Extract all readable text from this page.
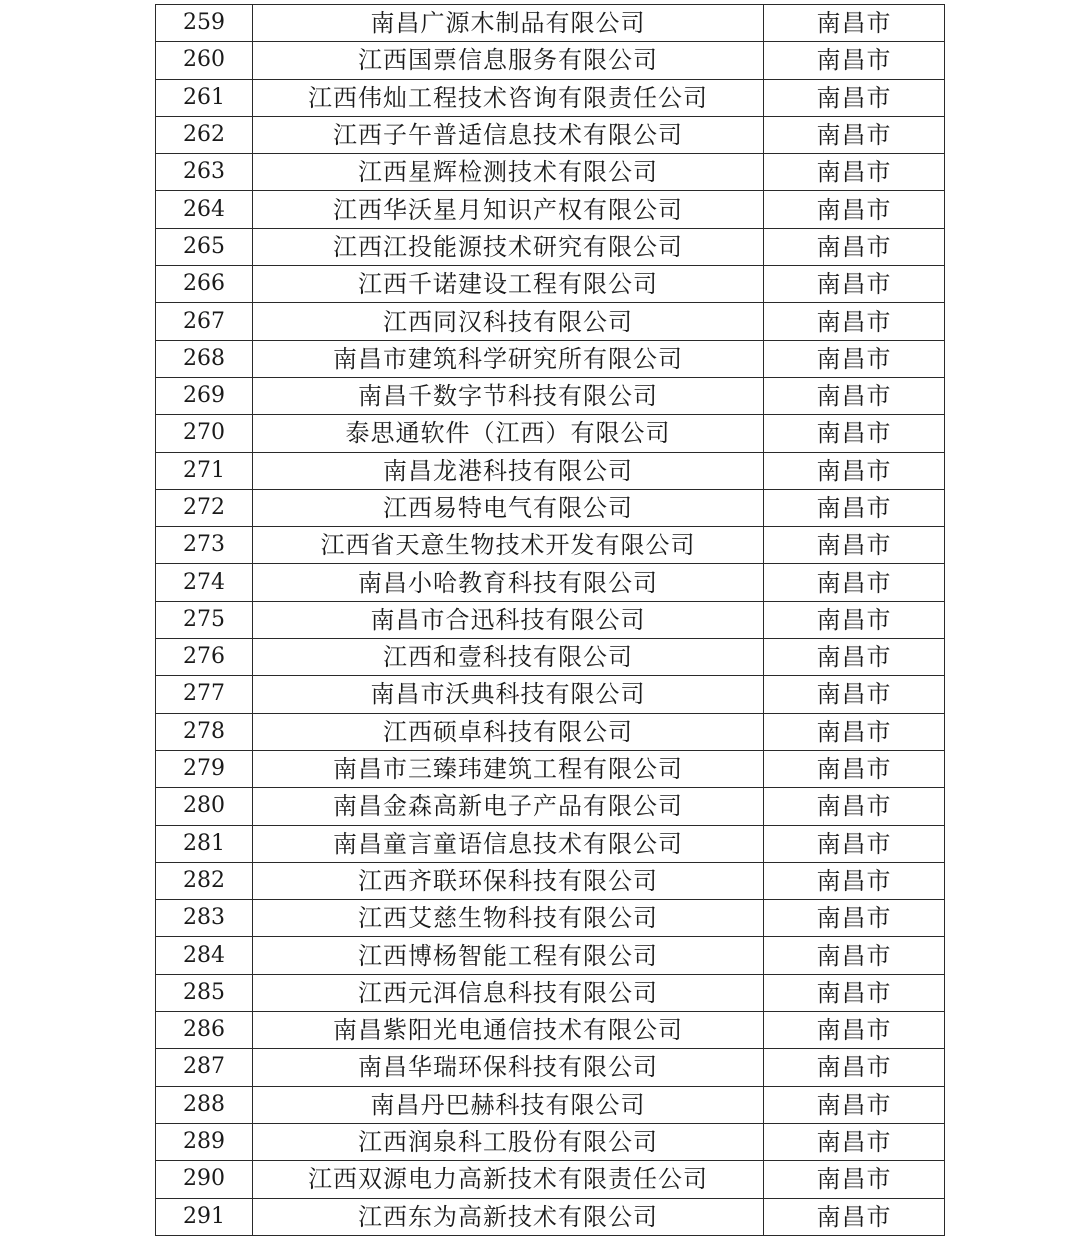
259	南昌广源木制品有限公司	南昌市
260	江西国票信息服务有限公司	南昌市
261	江西伟灿工程技术咨询有限责任公司	南昌市
262	江西子午普适信息技术有限公司	南昌市
263	江西星辉检测技术有限公司	南昌市
264	江西华沃星月知识产权有限公司	南昌市
265	江西江投能源技术研究有限公司	南昌市
266	江西千诺建设工程有限公司	南昌市
267	江西同汉科技有限公司	南昌市
268	南昌市建筑科学研究所有限公司	南昌市
269	南昌千数字节科技有限公司	南昌市
270	泰思通软件（江西）有限公司	南昌市
271	南昌龙港科技有限公司	南昌市
272	江西易特电气有限公司	南昌市
273	江西省天意生物技术开发有限公司	南昌市
274	南昌小哈教育科技有限公司	南昌市
275	南昌市合迅科技有限公司	南昌市
276	江西和壹科技有限公司	南昌市
277	南昌市沃典科技有限公司	南昌市
278	江西硕卓科技有限公司	南昌市
279	南昌市三臻玮建筑工程有限公司	南昌市
280	南昌金森高新电子产品有限公司	南昌市
281	南昌童言童语信息技术有限公司	南昌市
282	江西齐联环保科技有限公司	南昌市
283	江西艾慈生物科技有限公司	南昌市
284	江西博杨智能工程有限公司	南昌市
285	江西元洱信息科技有限公司	南昌市
286	南昌紫阳光电通信技术有限公司	南昌市
287	南昌华瑞环保科技有限公司	南昌市
288	南昌丹巴赫科技有限公司	南昌市
289	江西润泉科工股份有限公司	南昌市
290	江西双源电力高新技术有限责任公司	南昌市
291	江西东为高新技术有限公司	南昌市
